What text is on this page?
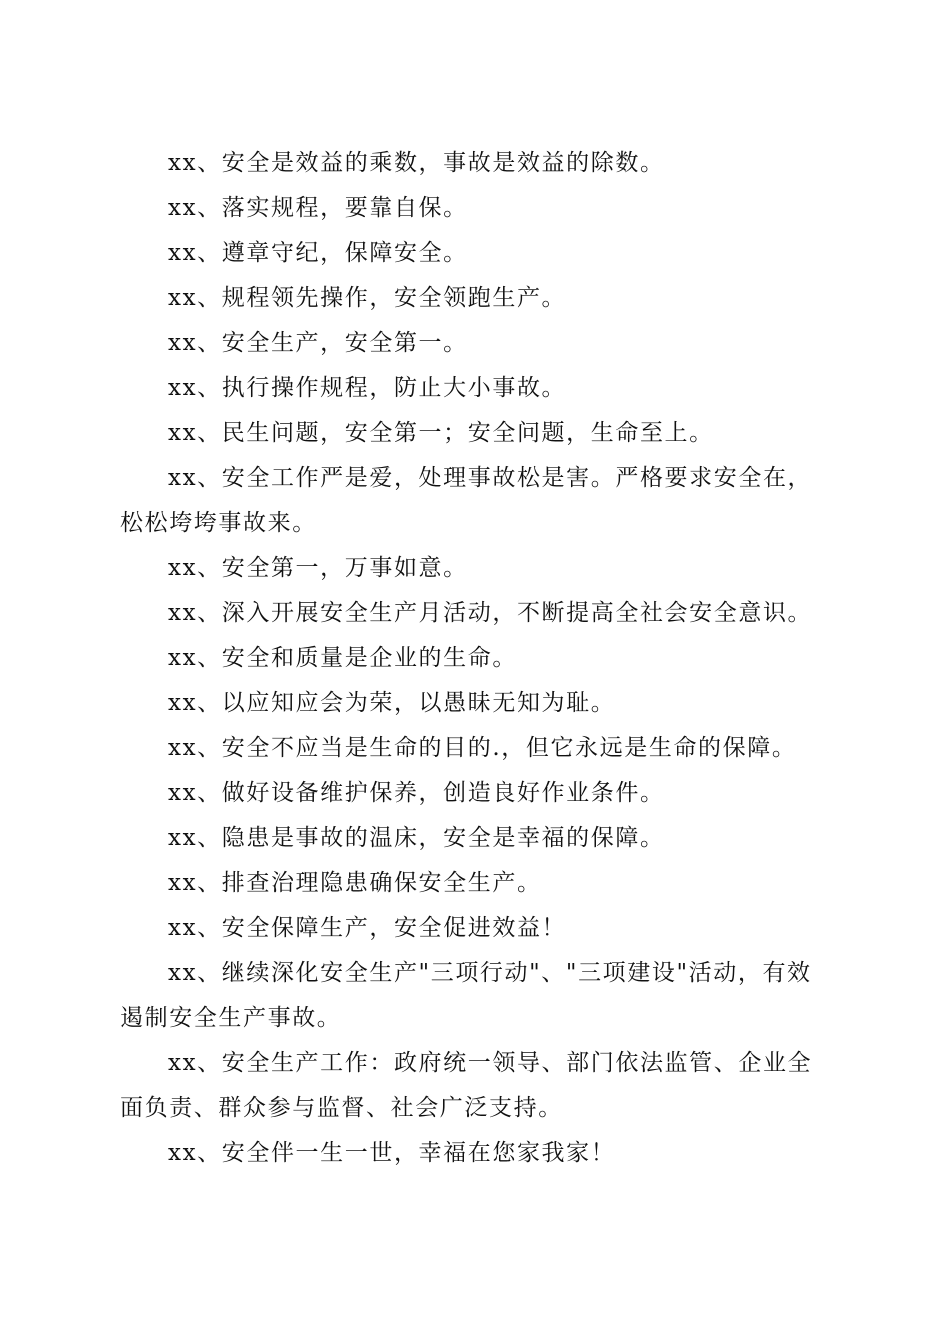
xx、安全是效益的乘数，事故是效益的除数。

xx、落实规程，要靠自保。

xx、遵章守纪，保障安全。

xx、规程领先操作，安全领跑生产。

xx、安全生产，安全第一。

xx、执行操作规程，防止大小事故。

xx、民生问题，安全第一；安全问题，生命至上。

xx、安全工作严是爱，处理事故松是害。严格要求安全在，松松垮垮事故来。

xx、安全第一，万事如意。

xx、深入开展安全生产月活动，不断提高全社会安全意识。

xx、安全和质量是企业的生命。

xx、以应知应会为荣，以愚昧无知为耻。

xx、安全不应当是生命的目的.，但它永远是生命的保障。

xx、做好设备维护保养，创造良好作业条件。

xx、隐患是事故的温床，安全是幸福的保障。

xx、排查治理隐患确保安全生产。

xx、安全保障生产，安全促进效益！

xx、继续深化安全生产"三项行动"、"三项建设"活动，有效遏制安全生产事故。

xx、安全生产工作：政府统一领导、部门依法监管、企业全面负责、群众参与监督、社会广泛支持。

xx、安全伴一生一世，幸福在您家我家！
